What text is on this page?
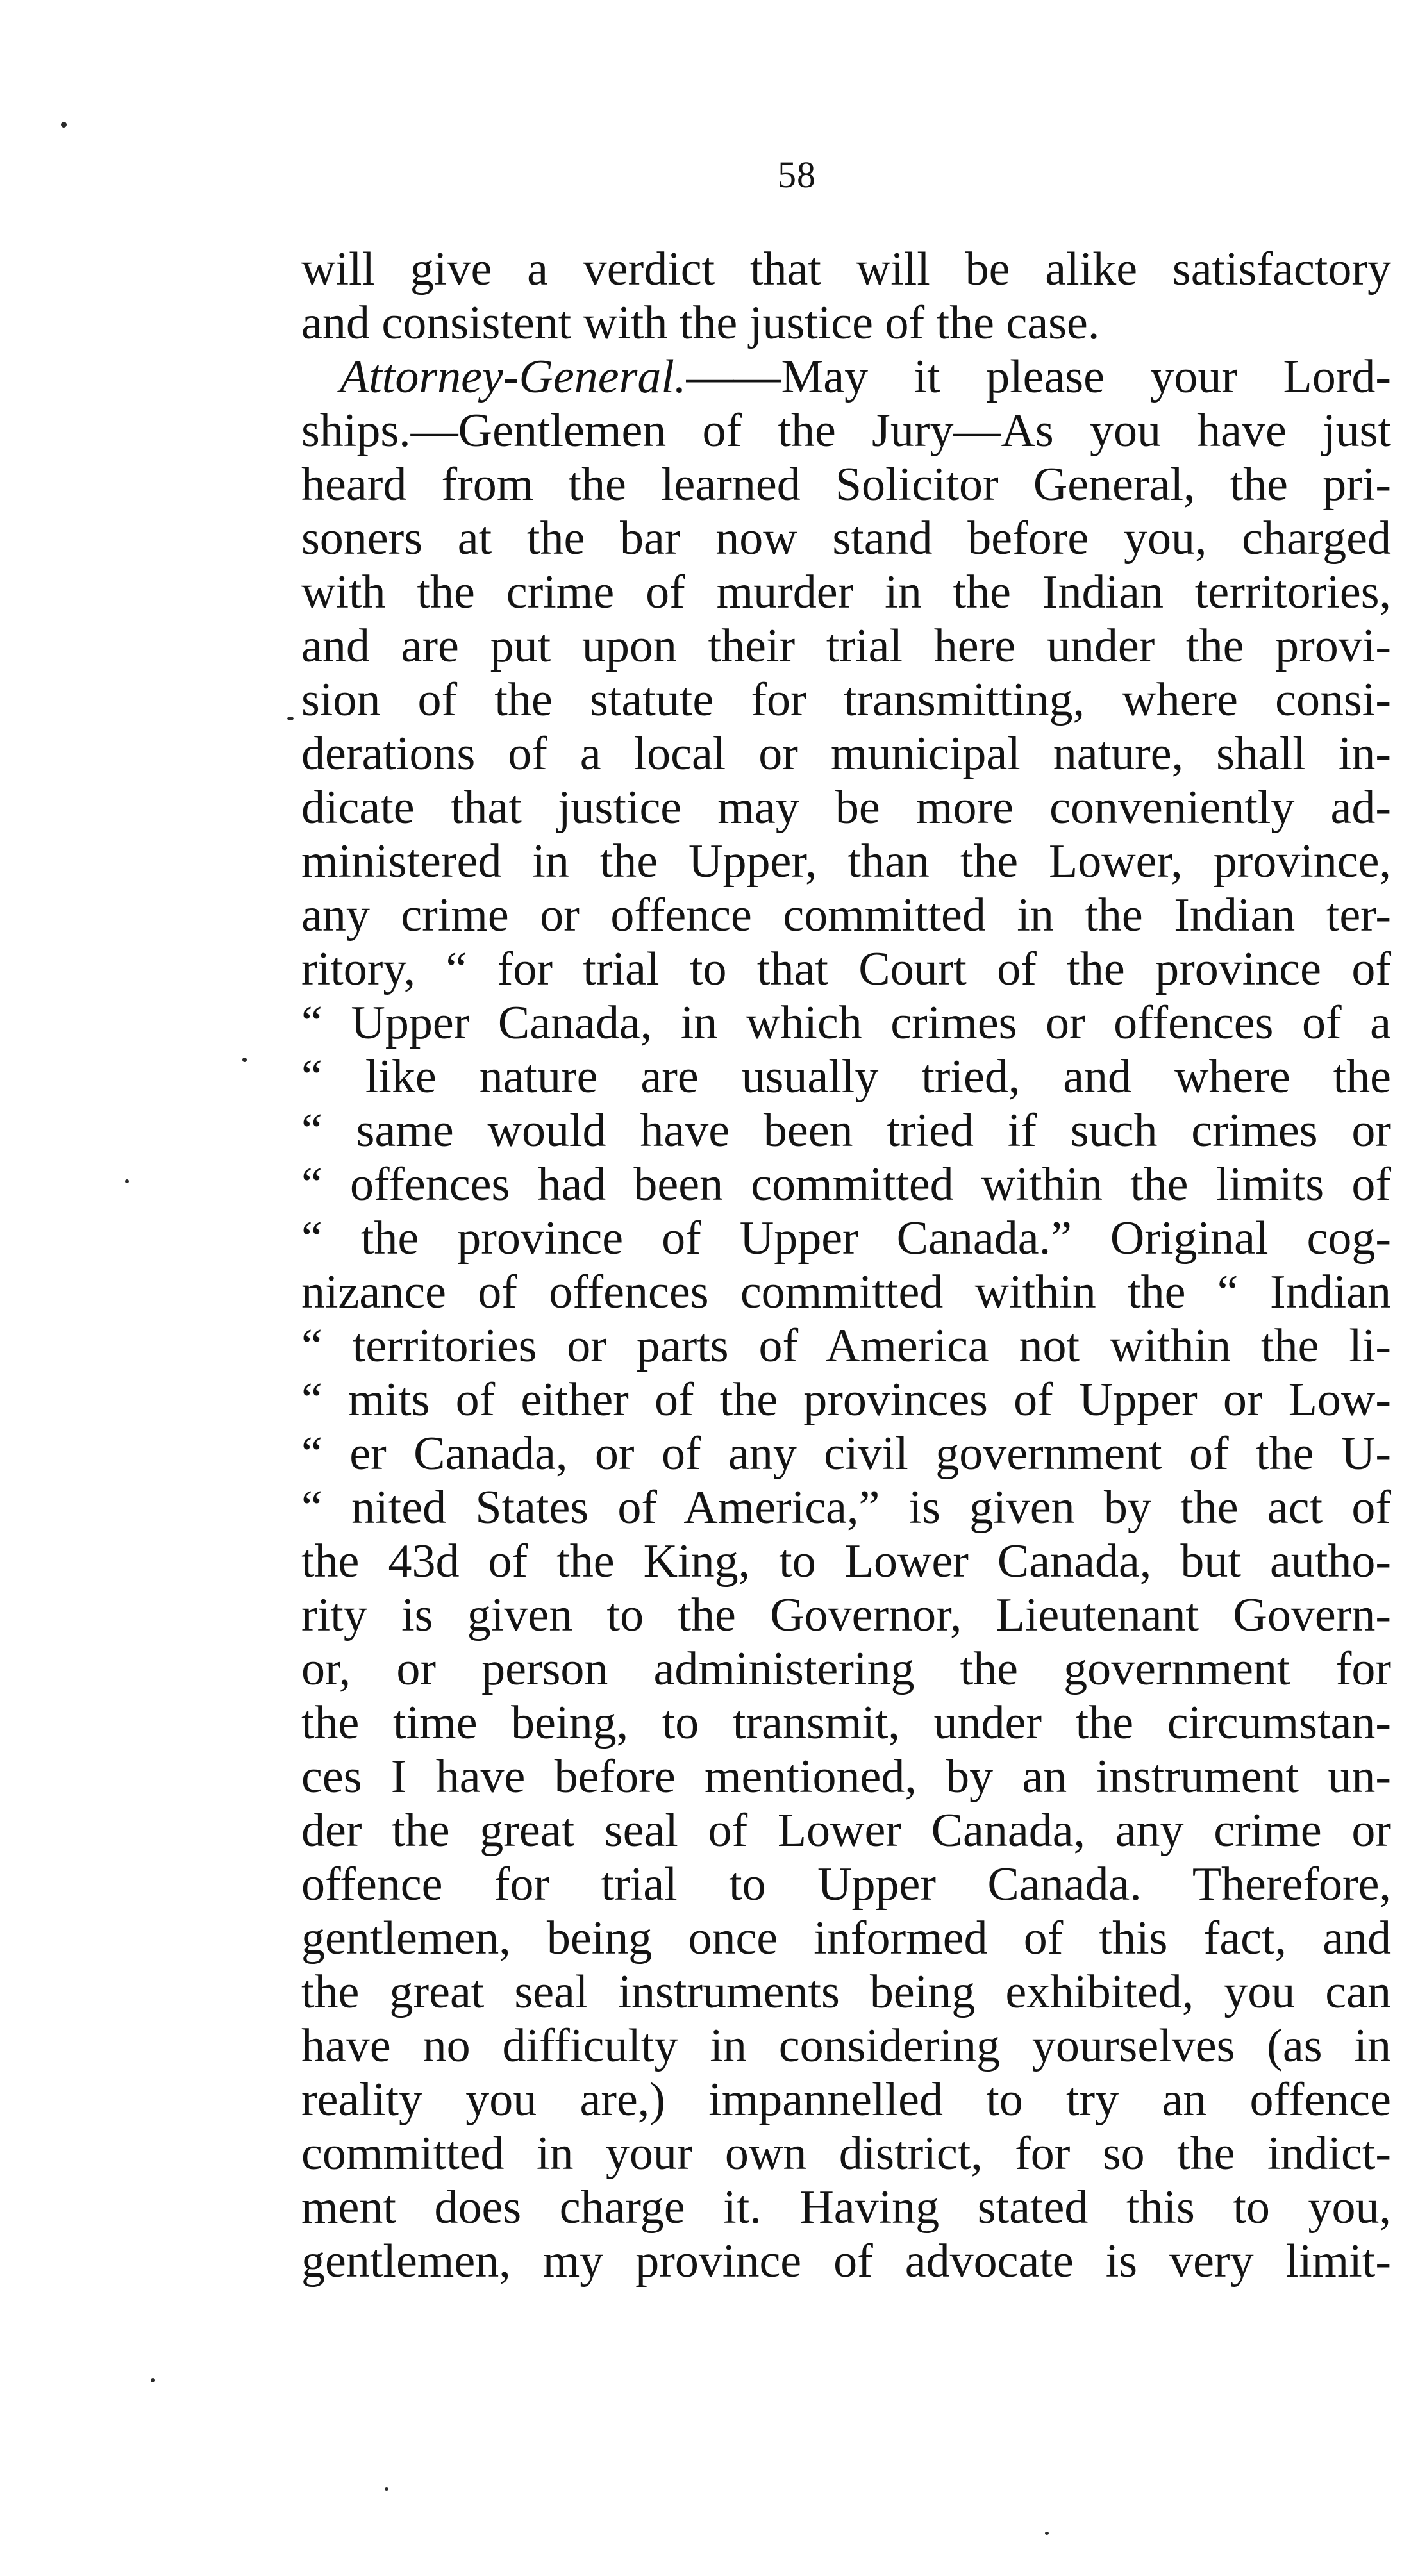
58
will give a verdict that will be alike satisfactory
and consistent with the justice of the case.
Attorney-General.——May it please your Lord-
ships.—Gentlemen of the Jury—As you have just
heard from the learned Solicitor General, the pri-
soners at the bar now stand before you, charged
with the crime of murder in the Indian territories,
and are put upon their trial here under the provi-
sion of the statute for transmitting, where consi-
derations of a local or municipal nature, shall in-
dicate that justice may be more conveniently ad-
ministered in the Upper, than the Lower, province,
any crime or offence committed in the Indian ter-
ritory, “ for trial to that Court of the province of
“ Upper Canada, in which crimes or offences of a
“ like nature are usually tried, and where the
“ same would have been tried if such crimes or
“ offences had been committed within the limits of
“ the province of Upper Canada.” Original cog-
nizance of offences committed within the “ Indian
“ territories or parts of America not within the li-
“ mits of either of the provinces of Upper or Low-
“ er Canada, or of any civil government of the U-
“ nited States of America,” is given by the act of
the 43d of the King, to Lower Canada, but autho-
rity is given to the Governor, Lieutenant Govern-
or, or person administering the government for
the time being, to transmit, under the circumstan-
ces I have before mentioned, by an instrument un-
der the great seal of Lower Canada, any crime or
offence for trial to Upper Canada. Therefore,
gentlemen, being once informed of this fact, and
the great seal instruments being exhibited, you can
have no difficulty in considering yourselves (as in
reality you are,) impannelled to try an offence
committed in your own district, for so the indict-
ment does charge it. Having stated this to you,
gentlemen, my province of advocate is very limit-
